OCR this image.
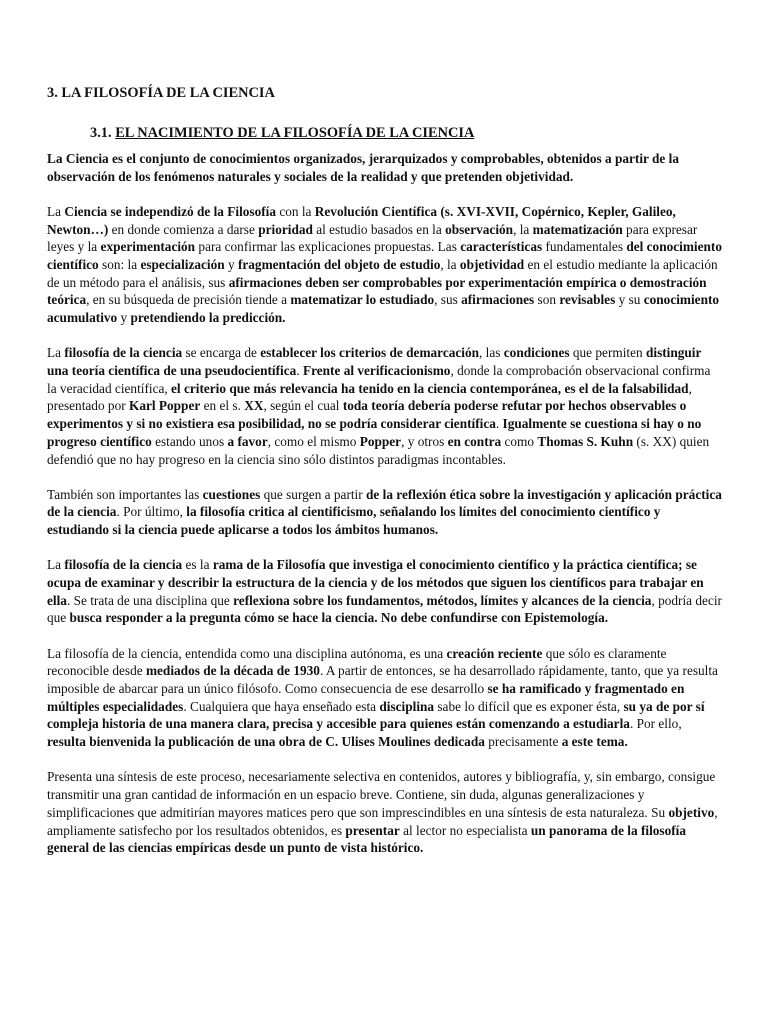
3. LA FILOSOFÍA DE LA CIENCIA
3.1. EL NACIMIENTO DE LA FILOSOFÍA DE LA CIENCIA

La Ciencia es el conjunto de conocimientos organizados, jerarquizados y comprobables, obtenidos a partir de la observación de los fenómenos naturales y sociales de la realidad y que pretenden objetividad.

La Ciencia se independizó de la Filosofía con la Revolución Científica (s. XVI-XVII, Copérnico, Kepler, Galileo, Newton…) en donde comienza a darse prioridad al estudio basados en la observación, la matematización para expresar leyes y la experimentación para confirmar las explicaciones propuestas. Las características fundamentales del conocimiento científico son: la especialización y fragmentación del objeto de estudio, la objetividad en el estudio mediante la aplicación de un método para el análisis, sus afirmaciones deben ser comprobables por experimentación empírica o demostración teórica, en su búsqueda de precisión tiende a matematizar lo estudiado, sus afirmaciones son revisables y su conocimiento acumulativo y pretendiendo la predicción.

La filosofía de la ciencia se encarga de establecer los criterios de demarcación, las condiciones que permiten distinguir una teoría científica de una pseudocientífica. Frente al verificacionismo, donde la comprobación observacional confirma la veracidad científica, el criterio que más relevancia ha tenido en la ciencia contemporánea, es el de la falsabilidad, presentado por Karl Popper en el s. XX, según el cual toda teoría debería poderse refutar por hechos observables o experimentos y si no existiera esa posibilidad, no se podría considerar científica. Igualmente se cuestiona si hay o no progreso científico estando unos a favor, como el mismo Popper, y otros en contra como Thomas S. Kuhn (s. XX) quien defendió que no hay progreso en la ciencia sino sólo distintos paradigmas incontables.

También son importantes las cuestiones que surgen a partir de la reflexión ética sobre la investigación y aplicación práctica de la ciencia. Por último, la filosofía critica al cientificismo, señalando los límites del conocimiento científico y estudiando si la ciencia puede aplicarse a todos los ámbitos humanos.

La filosofía de la ciencia es la rama de la Filosofía que investiga el conocimiento científico y la práctica científica; se ocupa de examinar y describir la estructura de la ciencia y de los métodos que siguen los científicos para trabajar en ella. Se trata de una disciplina que reflexiona sobre los fundamentos, métodos, límites y alcances de la ciencia, podría decir que busca responder a la pregunta cómo se hace la ciencia. No debe confundirse con Epistemología.

La filosofía de la ciencia, entendida como una disciplina autónoma, es una creación reciente que sólo es claramente reconocible desde mediados de la década de 1930. A partir de entonces, se ha desarrollado rápidamente, tanto, que ya resulta imposible de abarcar para un único filósofo. Como consecuencia de ese desarrollo se ha ramificado y fragmentado en múltiples especialidades. Cualquiera que haya enseñado esta disciplina sabe lo difícil que es exponer ésta, su ya de por sí compleja historia de una manera clara, precisa y accesible para quienes están comenzando a estudiarla. Por ello, resulta bienvenida la publicación de una obra de C. Ulises Moulines dedicada precisamente a este tema.

Presenta una síntesis de este proceso, necesariamente selectiva en contenidos, autores y bibliografía, y, sin embargo, consigue transmitir una gran cantidad de información en un espacio breve. Contiene, sin duda, algunas generalizaciones y simplificaciones que admitirían mayores matices pero que son imprescindibles en una síntesis de esta naturaleza. Su objetivo, ampliamente satisfecho por los resultados obtenidos, es presentar al lector no especialista un panorama de la filosofía general de las ciencias empíricas desde un punto de vista histórico.
